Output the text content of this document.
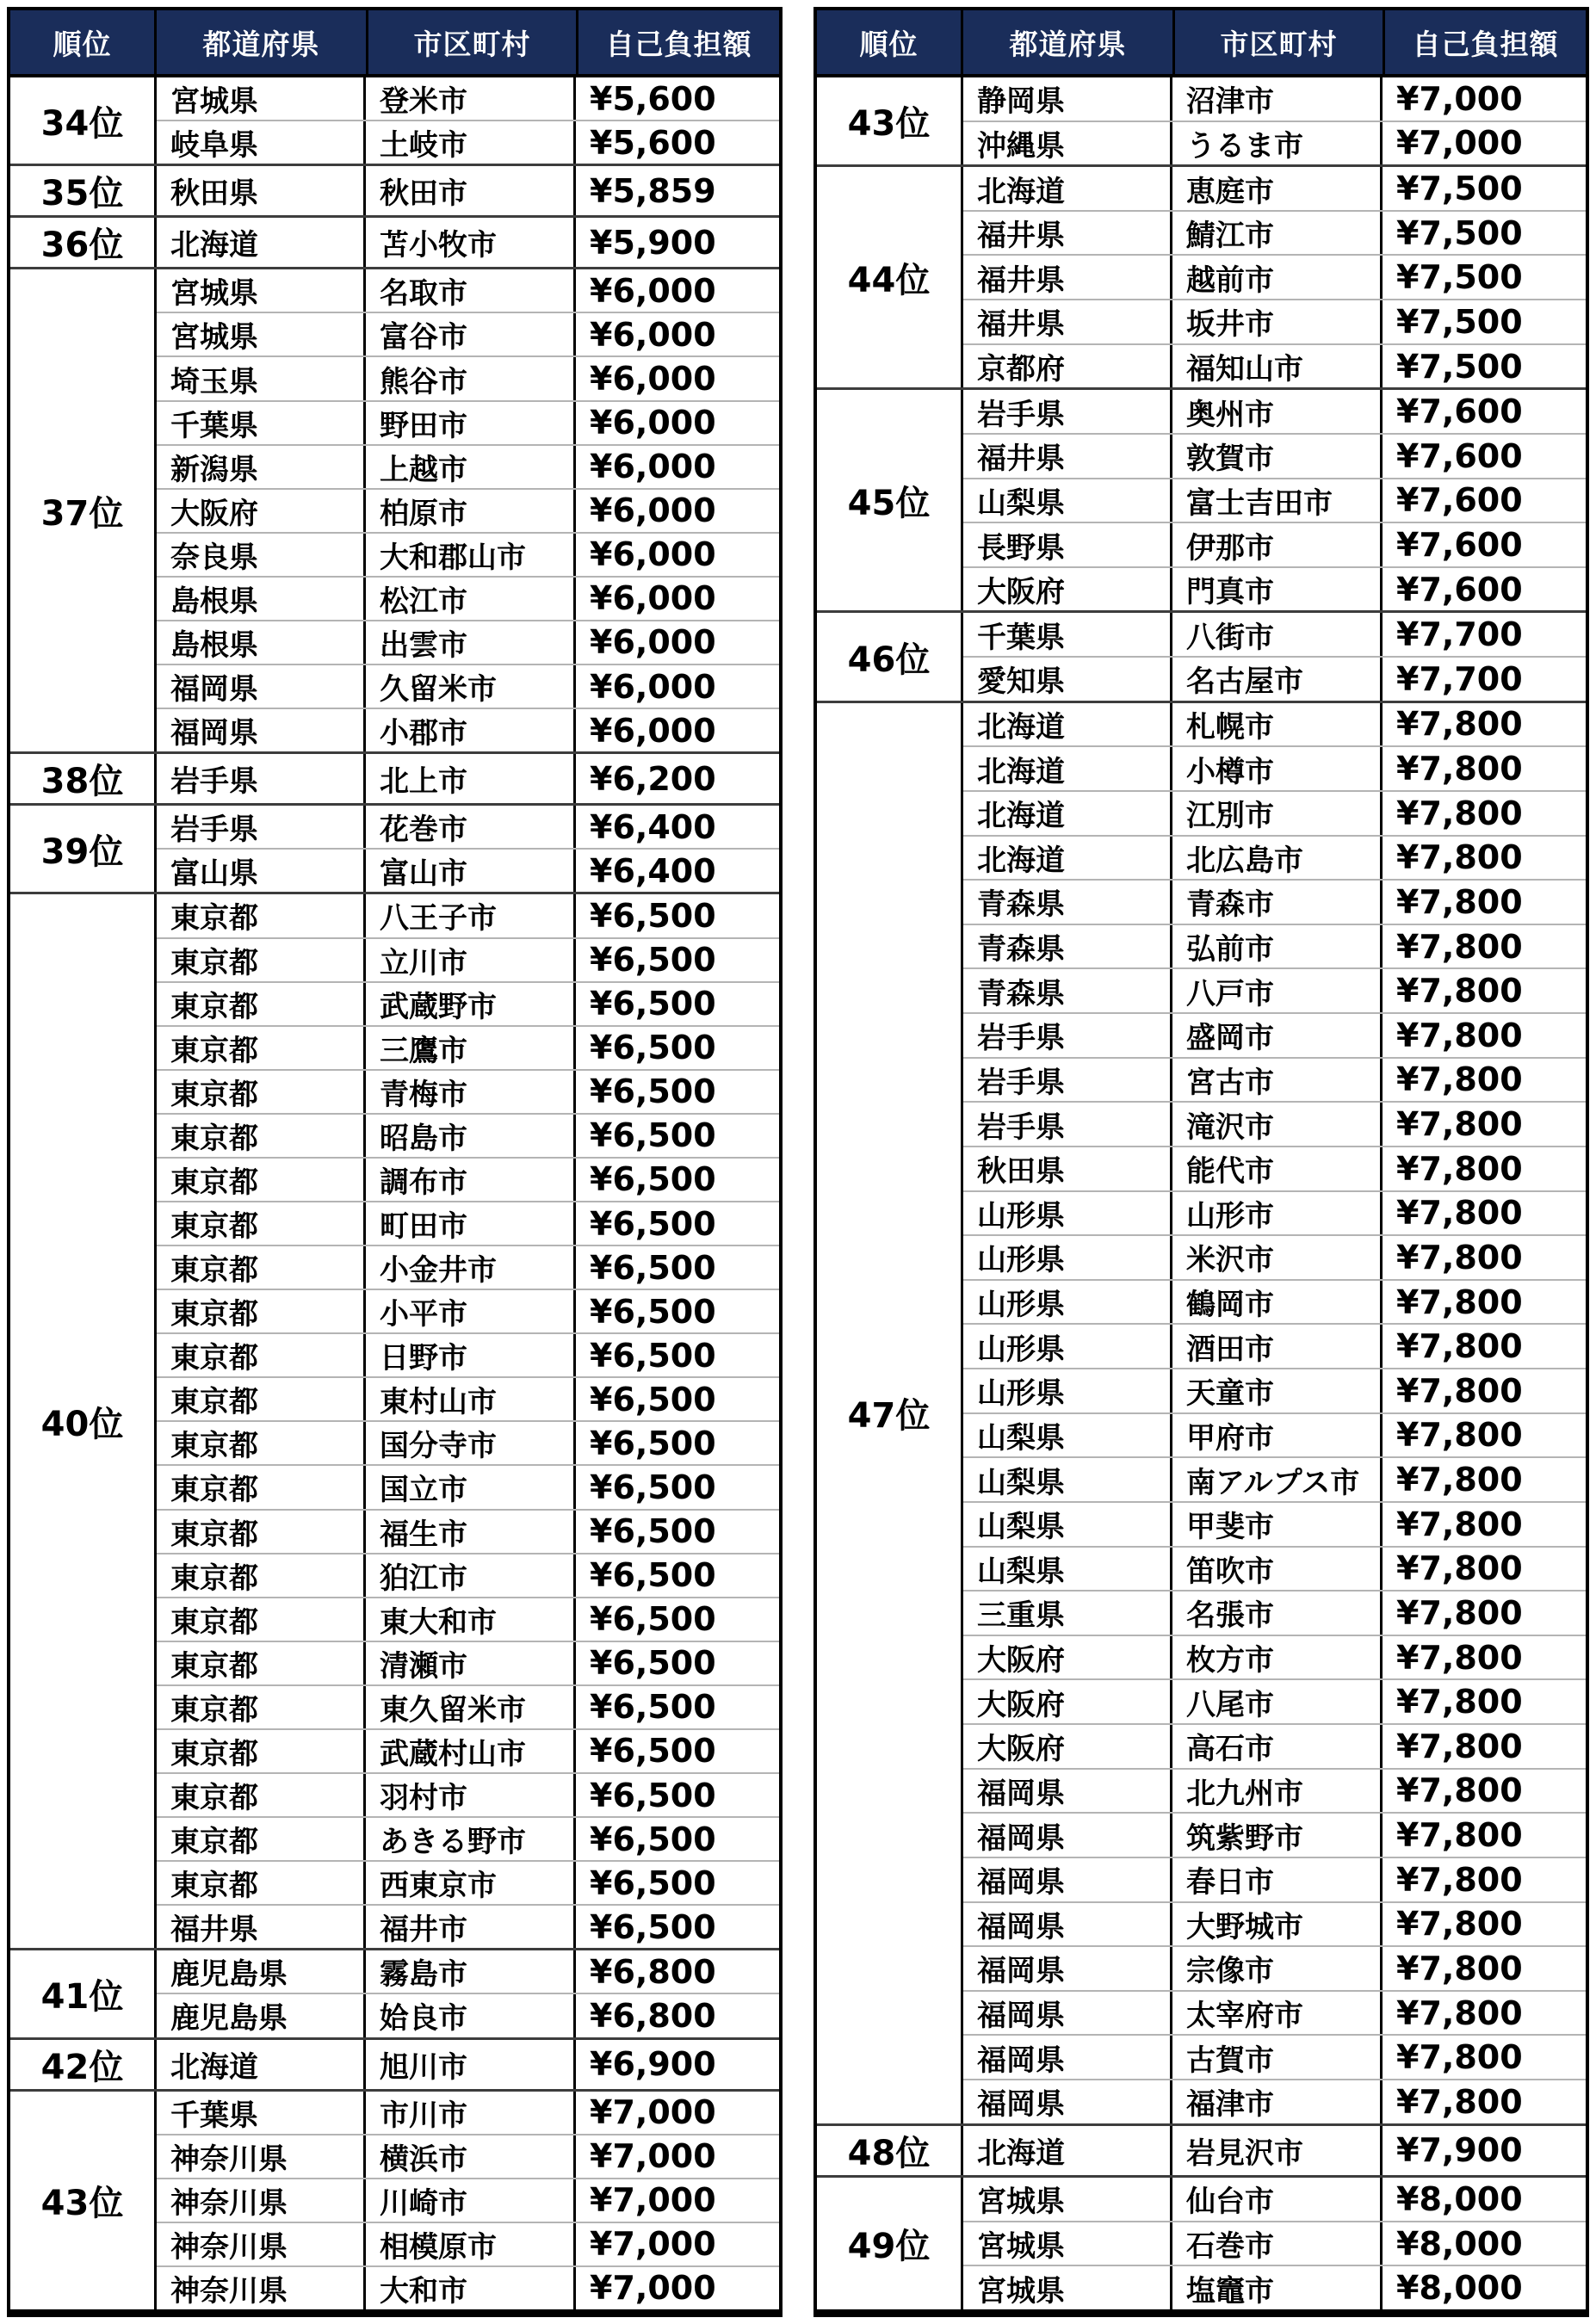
順位	都道府県	市区町村	自己負担額
34位
宮城県	登米市	¥5,600
岐阜県	土岐市	¥5,600
35位	秋田県	秋田市	¥5,859
36位	北海道	苫小牧市	¥5,900
37位
宮城県	名取市	¥6,000
宮城県	富谷市	¥6,000
埼玉県	熊谷市	¥6,000
千葉県	野田市	¥6,000
新潟県	上越市	¥6,000
大阪府	柏原市	¥6,000
奈良県	大和郡山市	¥6,000
島根県	松江市	¥6,000
島根県	出雲市	¥6,000
福岡県	久留米市	¥6,000
福岡県	小郡市	¥6,000
38位	岩手県	北上市	¥6,200
39位
岩手県	花巻市	¥6,400
富山県	富山市	¥6,400
40位
東京都	八王子市	¥6,500
東京都	立川市	¥6,500
東京都	武蔵野市	¥6,500
東京都	三鷹市	¥6,500
東京都	青梅市	¥6,500
東京都	昭島市	¥6,500
東京都	調布市	¥6,500
東京都	町田市	¥6,500
東京都	小金井市	¥6,500
東京都	小平市	¥6,500
東京都	日野市	¥6,500
東京都	東村山市	¥6,500
東京都	国分寺市	¥6,500
東京都	国立市	¥6,500
東京都	福生市	¥6,500
東京都	狛江市	¥6,500
東京都	東大和市	¥6,500
東京都	清瀬市	¥6,500
東京都	東久留米市	¥6,500
東京都	武蔵村山市	¥6,500
東京都	羽村市	¥6,500
東京都	あきる野市	¥6,500
東京都	西東京市	¥6,500
福井県	福井市	¥6,500
41位
鹿児島県	霧島市	¥6,800
鹿児島県	姶良市	¥6,800
42位	北海道	旭川市	¥6,900
43位
千葉県	市川市	¥7,000
神奈川県	横浜市	¥7,000
神奈川県	川崎市	¥7,000
神奈川県	相模原市	¥7,000
神奈川県	大和市	¥7,000
順位	都道府県	市区町村	自己負担額
43位
静岡県	沼津市	¥7,000
沖縄県	うるま市	¥7,000
44位
北海道	恵庭市	¥7,500
福井県	鯖江市	¥7,500
福井県	越前市	¥7,500
福井県	坂井市	¥7,500
京都府	福知山市	¥7,500
45位
岩手県	奥州市	¥7,600
福井県	敦賀市	¥7,600
山梨県	富士吉田市	¥7,600
長野県	伊那市	¥7,600
大阪府	門真市	¥7,600
46位
千葉県	八街市	¥7,700
愛知県	名古屋市	¥7,700
47位
北海道	札幌市	¥7,800
北海道	小樽市	¥7,800
北海道	江別市	¥7,800
北海道	北広島市	¥7,800
青森県	青森市	¥7,800
青森県	弘前市	¥7,800
青森県	八戸市	¥7,800
岩手県	盛岡市	¥7,800
岩手県	宮古市	¥7,800
岩手県	滝沢市	¥7,800
秋田県	能代市	¥7,800
山形県	山形市	¥7,800
山形県	米沢市	¥7,800
山形県	鶴岡市	¥7,800
山形県	酒田市	¥7,800
山形県	天童市	¥7,800
山梨県	甲府市	¥7,800
山梨県	南アルプス市	¥7,800
山梨県	甲斐市	¥7,800
山梨県	笛吹市	¥7,800
三重県	名張市	¥7,800
大阪府	枚方市	¥7,800
大阪府	八尾市	¥7,800
大阪府	高石市	¥7,800
福岡県	北九州市	¥7,800
福岡県	筑紫野市	¥7,800
福岡県	春日市	¥7,800
福岡県	大野城市	¥7,800
福岡県	宗像市	¥7,800
福岡県	太宰府市	¥7,800
福岡県	古賀市	¥7,800
福岡県	福津市	¥7,800
48位	北海道	岩見沢市	¥7,900
49位
宮城県	仙台市	¥8,000
宮城県	石巻市	¥8,000
宮城県	塩竈市	¥8,000
